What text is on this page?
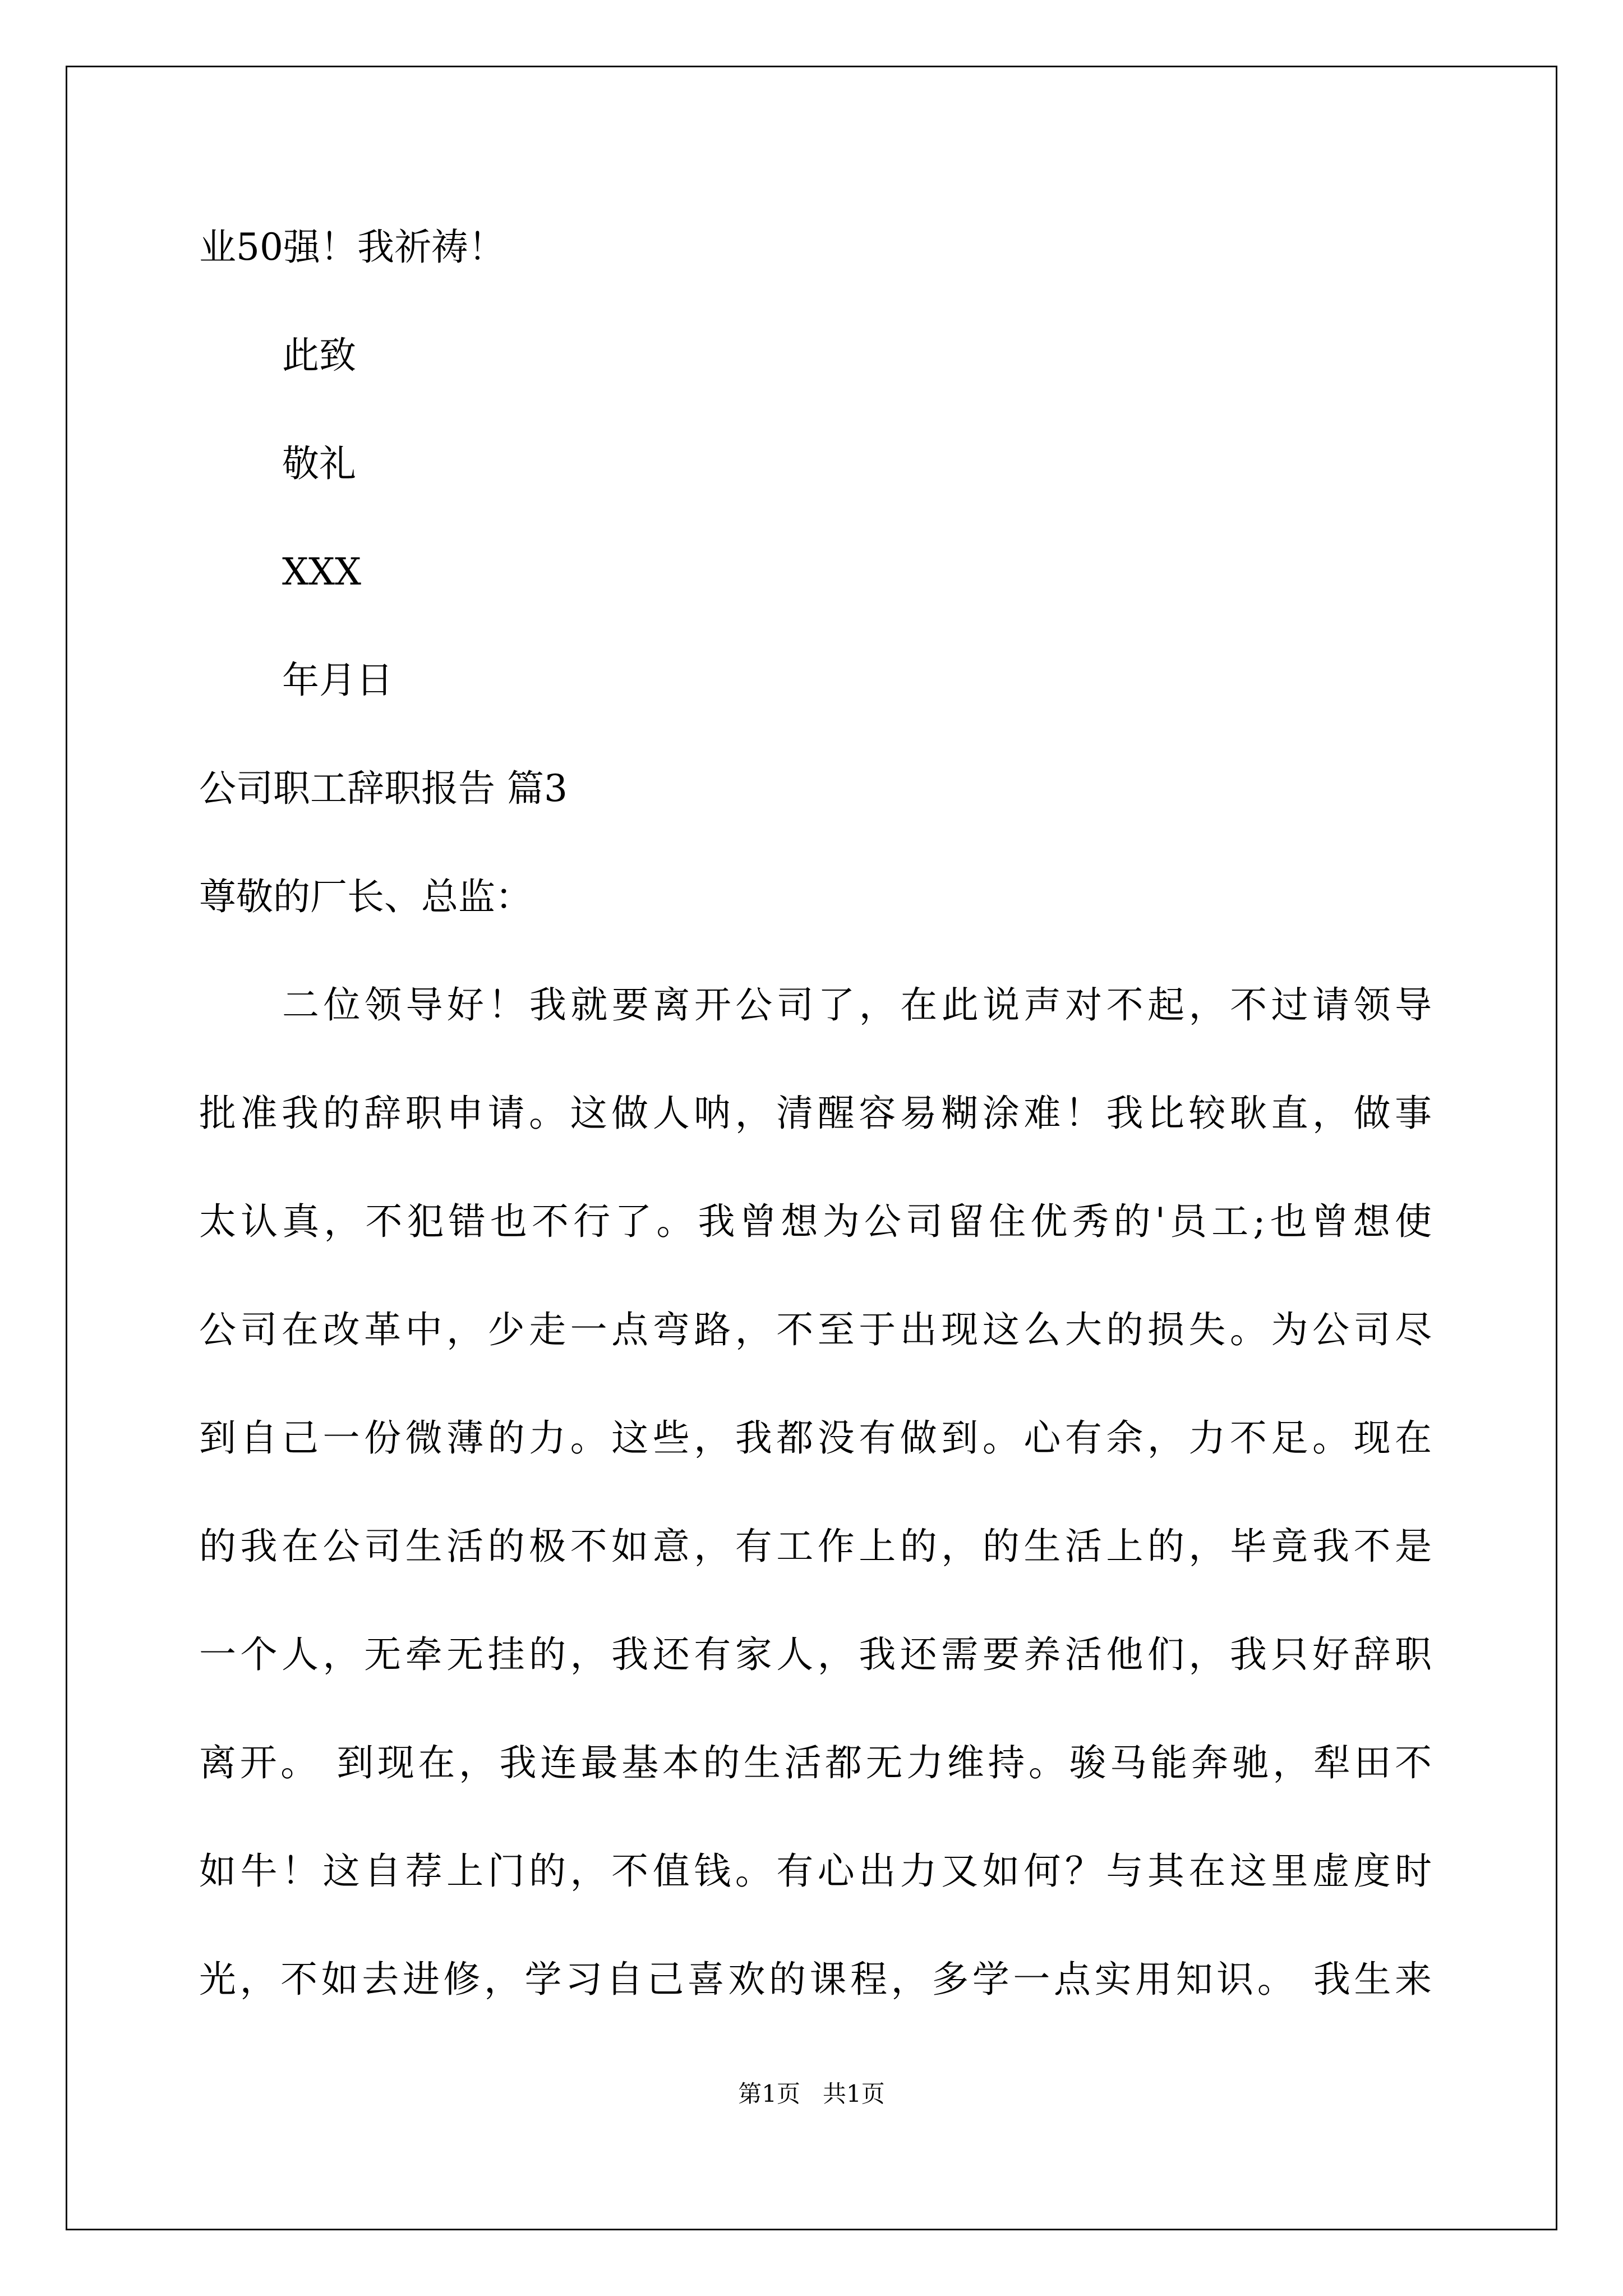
业50强！我祈祷！
此致
敬礼
XXX
年月日
公司职工辞职报告 篇3
尊敬的厂长、总监：
二位领导好！我就要离开公司了，在此说声对不起，不过请领导
批准我的辞职申请。这做人呐，清醒容易糊涂难！我比较耿直，做事
太认真，不犯错也不行了。我曾想为公司留住优秀的'员工;也曾想使
公司在改革中，少走一点弯路，不至于出现这么大的损失。为公司尽
到自己一份微薄的力。这些，我都没有做到。心有余，力不足。现在
的我在公司生活的极不如意，有工作上的，的生活上的，毕竟我不是
一个人，无牵无挂的，我还有家人，我还需要养活他们，我只好辞职
离开。 到现在，我连最基本的生活都无力维持。骏马能奔驰，犁田不
如牛！这自荐上门的，不值钱。有心出力又如何？与其在这里虚度时
光，不如去进修，学习自己喜欢的课程，多学一点实用知识。 我生来
第1页   共1页
